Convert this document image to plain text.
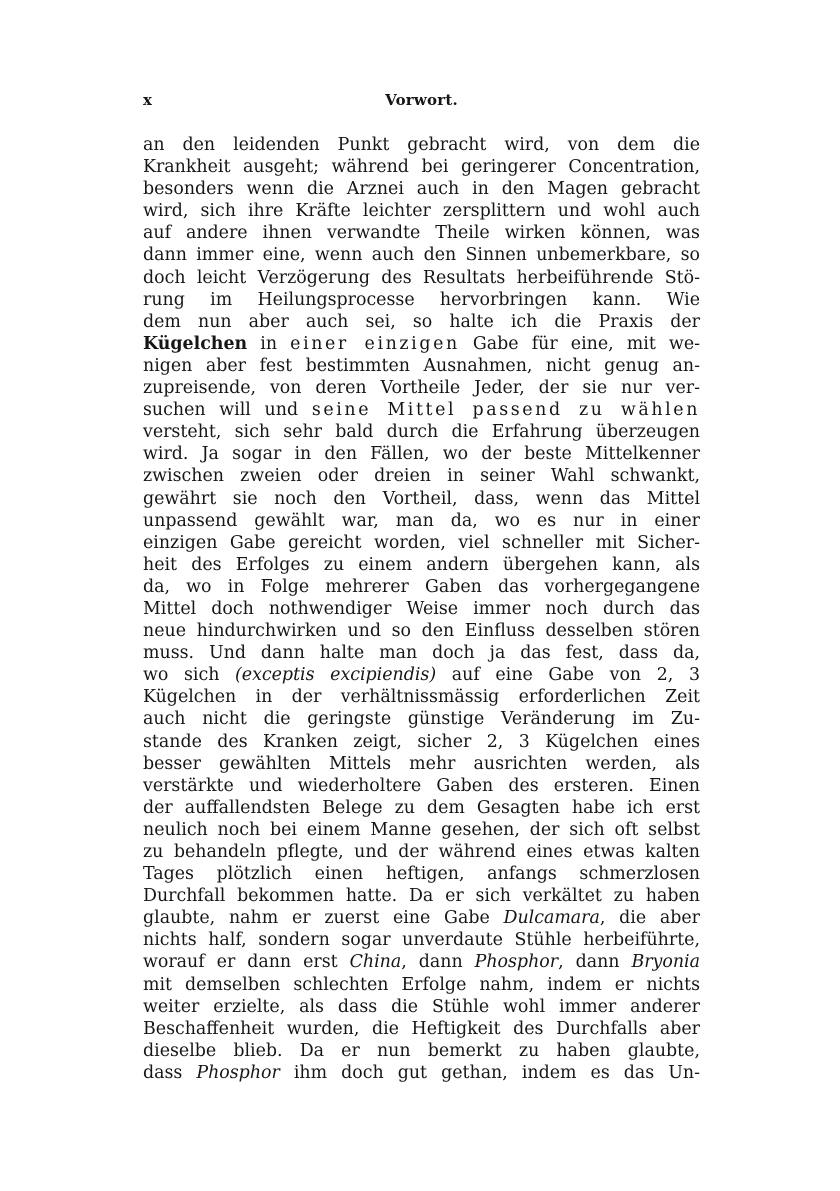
x	Vorwort.
an den leidenden Punkt gebracht wird, von dem die
Krankheit ausgeht; während bei geringerer Concentration,
besonders wenn die Arznei auch in den Magen gebracht
wird, sich ihre Kräfte leichter zersplittern und wohl auch
auf andere ihnen verwandte Theile wirken können, was
dann immer eine, wenn auch den Sinnen unbemerkbare, so
doch leicht Verzögerung des Resultats herbeiführende Stö-
rung im Heilungsprocesse hervorbringen kann. Wie
dem nun aber auch sei, so halte ich die Praxis der
Kügelchen in einer einzigen Gabe für eine, mit we-
nigen aber fest bestimmten Ausnahmen, nicht genug an-
zupreisende, von deren Vortheile Jeder, der sie nur ver-
suchen will und seine Mittel passend zu wählen
versteht, sich sehr bald durch die Erfahrung überzeugen
wird. Ja sogar in den Fällen, wo der beste Mittelkenner
zwischen zweien oder dreien in seiner Wahl schwankt,
gewährt sie noch den Vortheil, dass, wenn das Mittel
unpassend gewählt war, man da, wo es nur in einer
einzigen Gabe gereicht worden, viel schneller mit Sicher-
heit des Erfolges zu einem andern übergehen kann, als
da, wo in Folge mehrerer Gaben das vorhergegangene
Mittel doch nothwendiger Weise immer noch durch das
neue hindurchwirken und so den Einfluss desselben stören
muss. Und dann halte man doch ja das fest, dass da,
wo sich (exceptis excipiendis) auf eine Gabe von 2, 3
Kügelchen in der verhältnissmässig erforderlichen Zeit
auch nicht die geringste günstige Veränderung im Zu-
stande des Kranken zeigt, sicher 2, 3 Kügelchen eines
besser gewählten Mittels mehr ausrichten werden, als
verstärkte und wiederholtere Gaben des ersteren. Einen
der auffallendsten Belege zu dem Gesagten habe ich erst
neulich noch bei einem Manne gesehen, der sich oft selbst
zu behandeln pflegte, und der während eines etwas kalten
Tages plötzlich einen heftigen, anfangs schmerzlosen
Durchfall bekommen hatte. Da er sich verkältet zu haben
glaubte, nahm er zuerst eine Gabe Dulcamara, die aber
nichts half, sondern sogar unverdaute Stühle herbeiführte,
worauf er dann erst China, dann Phosphor, dann Bryonia
mit demselben schlechten Erfolge nahm, indem er nichts
weiter erzielte, als dass die Stühle wohl immer anderer
Beschaffenheit wurden, die Heftigkeit des Durchfalls aber
dieselbe blieb. Da er nun bemerkt zu haben glaubte,
dass Phosphor ihm doch gut gethan, indem es das Un-
